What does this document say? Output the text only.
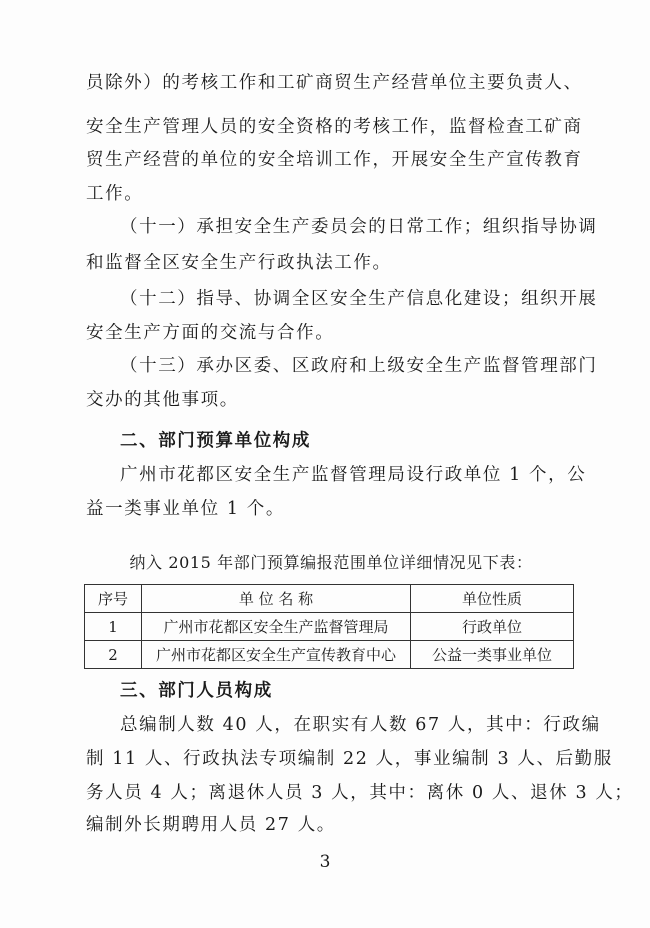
员除外）的考核工作和工矿商贸生产经营单位主要负责人、

安全生产管理人员的安全资格的考核工作，监督检查工矿商

贸生产经营的单位的安全培训工作，开展安全生产宣传教育

工作。

（十一）承担安全生产委员会的日常工作；组织指导协调

和监督全区安全生产行政执法工作。

（十二）指导、协调全区安全生产信息化建设；组织开展

安全生产方面的交流与合作。

（十三）承办区委、区政府和上级安全生产监督管理部门

交办的其他事项。

二、部门预算单位构成

广州市花都区安全生产监督管理局设行政单位 1 个，公

益一类事业单位 1 个。

纳入 2015 年部门预算编报范围单位详细情况见下表：
序号	单 位 名 称	单位性质
1	广州市花都区安全生产监督管理局	行政单位
2	广州市花都区安全生产宣传教育中心	公益一类事业单位

三、部门人员构成

总编制人数 40 人，在职实有人数 67 人，其中：行政编

制 11 人、行政执法专项编制 22 人，事业编制 3 人、后勤服

务人员 4 人；离退休人员 3 人，其中：离休 0 人、退休 3 人；

编制外长期聘用人员 27 人。

3
